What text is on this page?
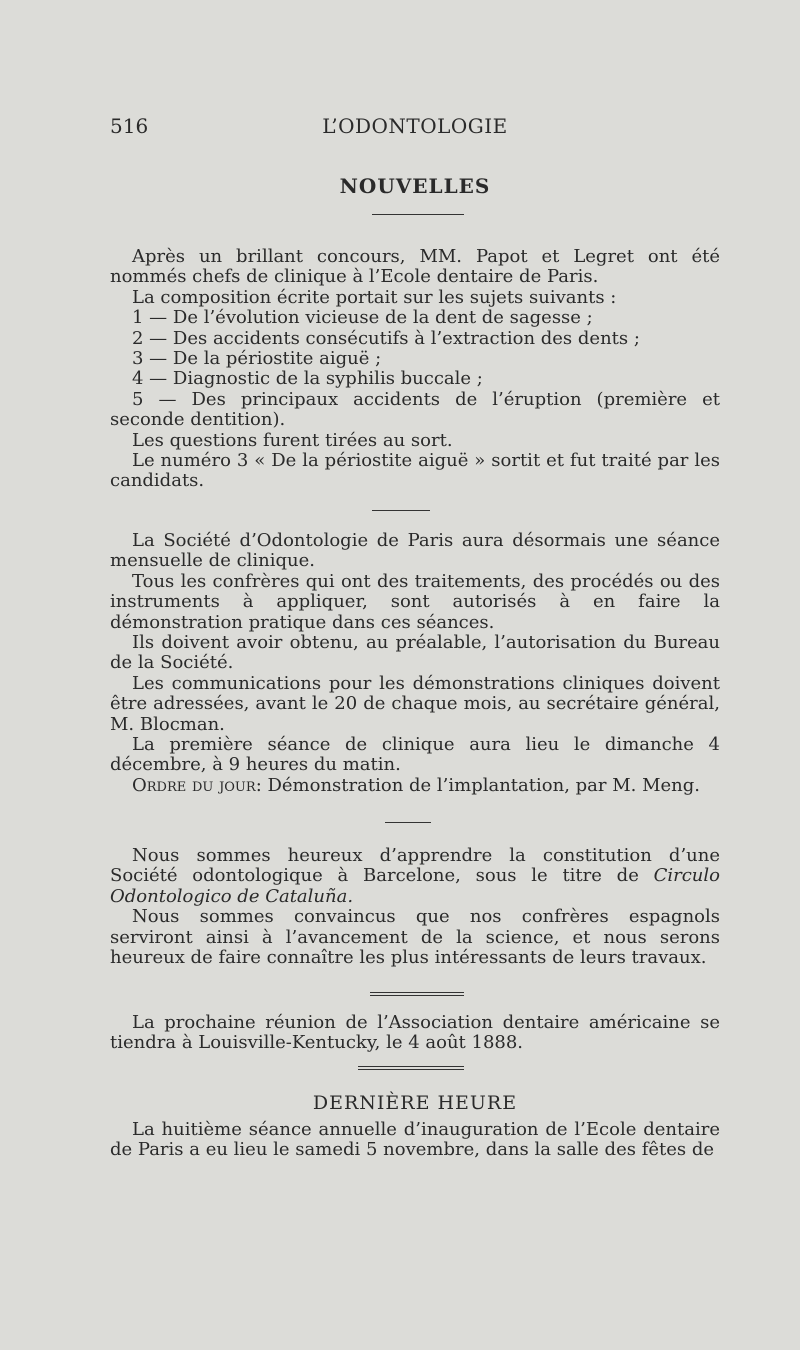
516	L’ODONTOLOGIE
NOUVELLES

Après un brillant concours, MM. Papot et Legret ont été nommés chefs de clinique à l’Ecole dentaire de Paris.

La composition écrite portait sur les sujets suivants :

1 — De l’évolution vicieuse de la dent de sagesse ;

2 — Des accidents consécutifs à l’extraction des dents ;

3 — De la périostite aiguë ;

4 — Diagnostic de la syphilis buccale ;

5 — Des principaux accidents de l’éruption (première et seconde dentition).

Les questions furent tirées au sort.

Le numéro 3 « De la périostite aiguë » sortit et fut traité par les candidats.

La Société d’Odontologie de Paris aura désormais une séance mensuelle de clinique.

Tous les confrères qui ont des traitements, des procédés ou des instruments à appliquer, sont autorisés à en faire la démonstration pratique dans ces séances.

Ils doivent avoir obtenu, au préalable, l’autorisation du Bureau de la Société.

Les communications pour les démonstrations cliniques doivent être adressées, avant le 20 de chaque mois, au secrétaire général, M. Blocman.

La première séance de clinique aura lieu le dimanche 4 décembre, à 9 heures du matin.

Ordre du jour: Démonstration de l’implantation, par M. Meng.

Nous sommes heureux d’apprendre la constitution d’une Société odontologique à Barcelone, sous le titre de Circulo Odontologico de Cataluña.

Nous sommes convaincus que nos confrères espagnols serviront ainsi à l’avancement de la science, et nous serons heureux de faire connaître les plus intéressants de leurs travaux.

La prochaine réunion de l’Association dentaire américaine se tiendra à Louisville-Kentucky, le 4 août 1888.

DERNIÈRE HEURE

La huitième séance annuelle d’inauguration de l’Ecole dentaire de Paris a eu lieu le samedi 5 novembre, dans la salle des fêtes de
